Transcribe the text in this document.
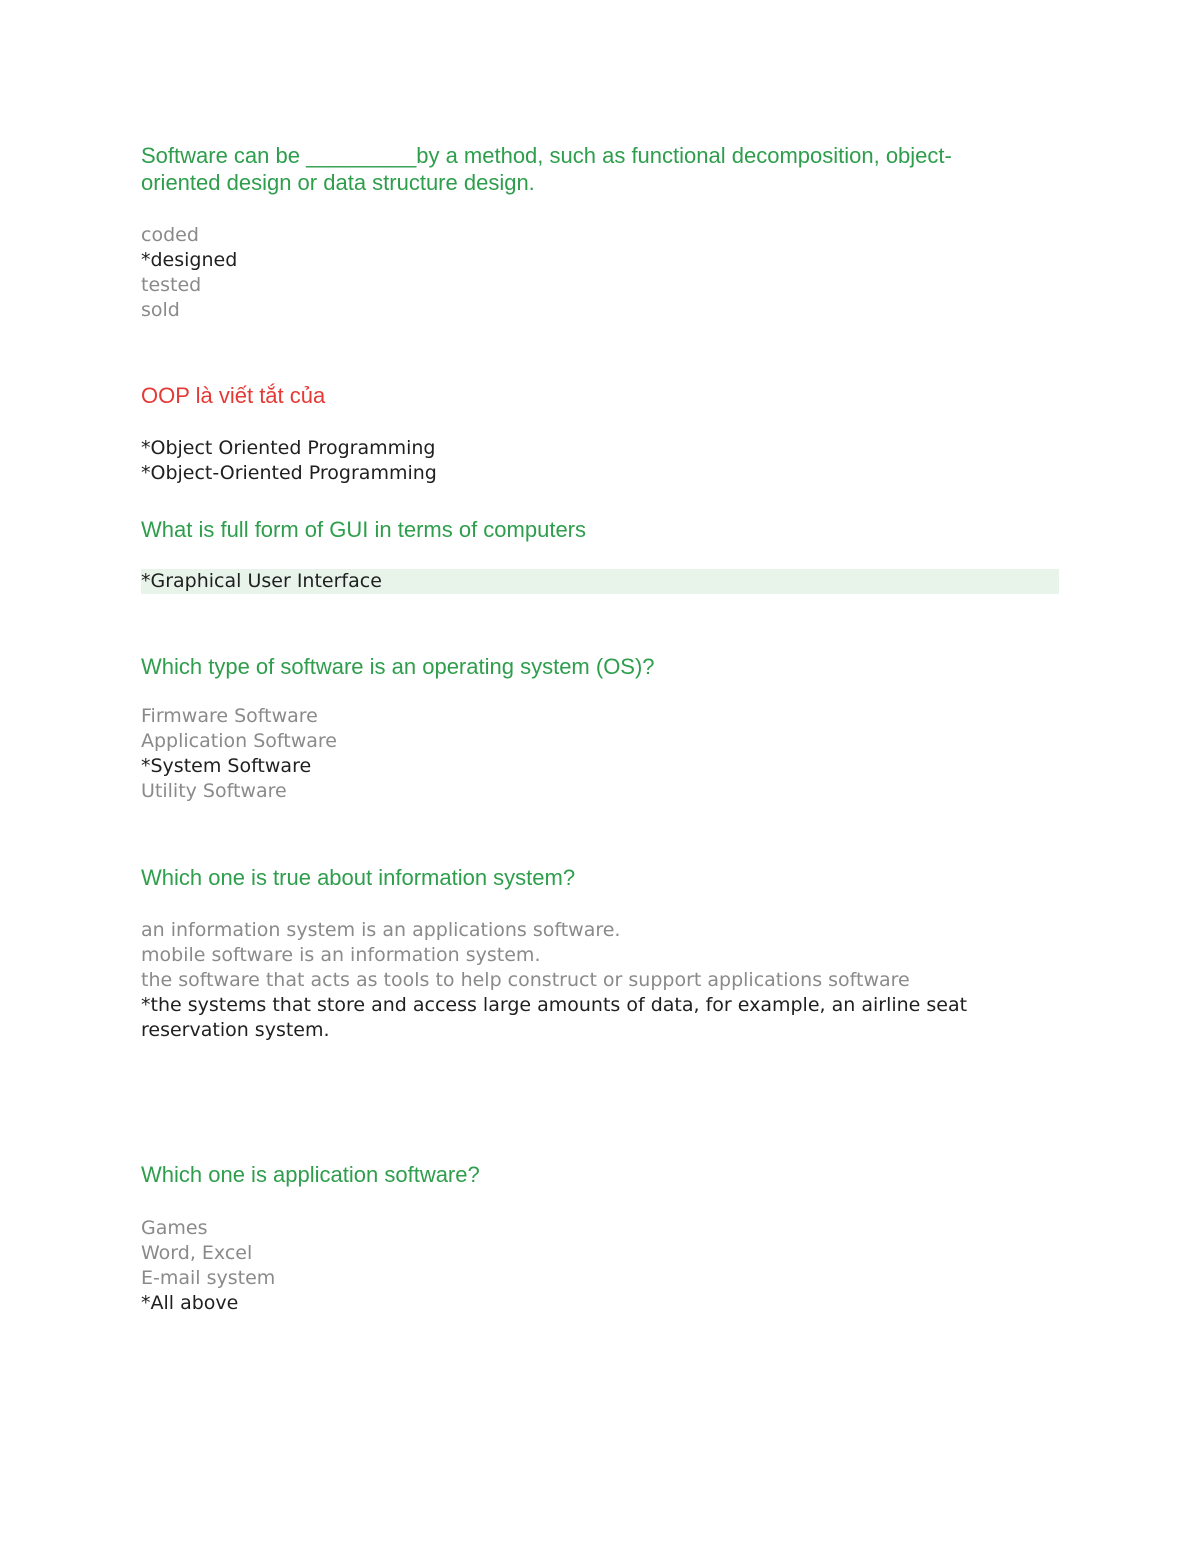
Software can be _________by a method, such as functional decomposition, object-oriented design or data structure design.

coded
*designed
tested
sold

OOP là viết tắt của

*Object Oriented Programming
*Object-Oriented Programming

What is full form of GUI in terms of computers

*Graphical User Interface

Which type of software is an operating system (OS)?

Firmware Software
Application Software
*System Software
Utility Software

Which one is true about information system?

an information system is an applications software.
mobile software is an information system.
the software that acts as tools to help construct or support applications software
*the systems that store and access large amounts of data, for example, an airline seat reservation system.

Which one is application software?

Games
Word, Excel
E-mail system
*All above
